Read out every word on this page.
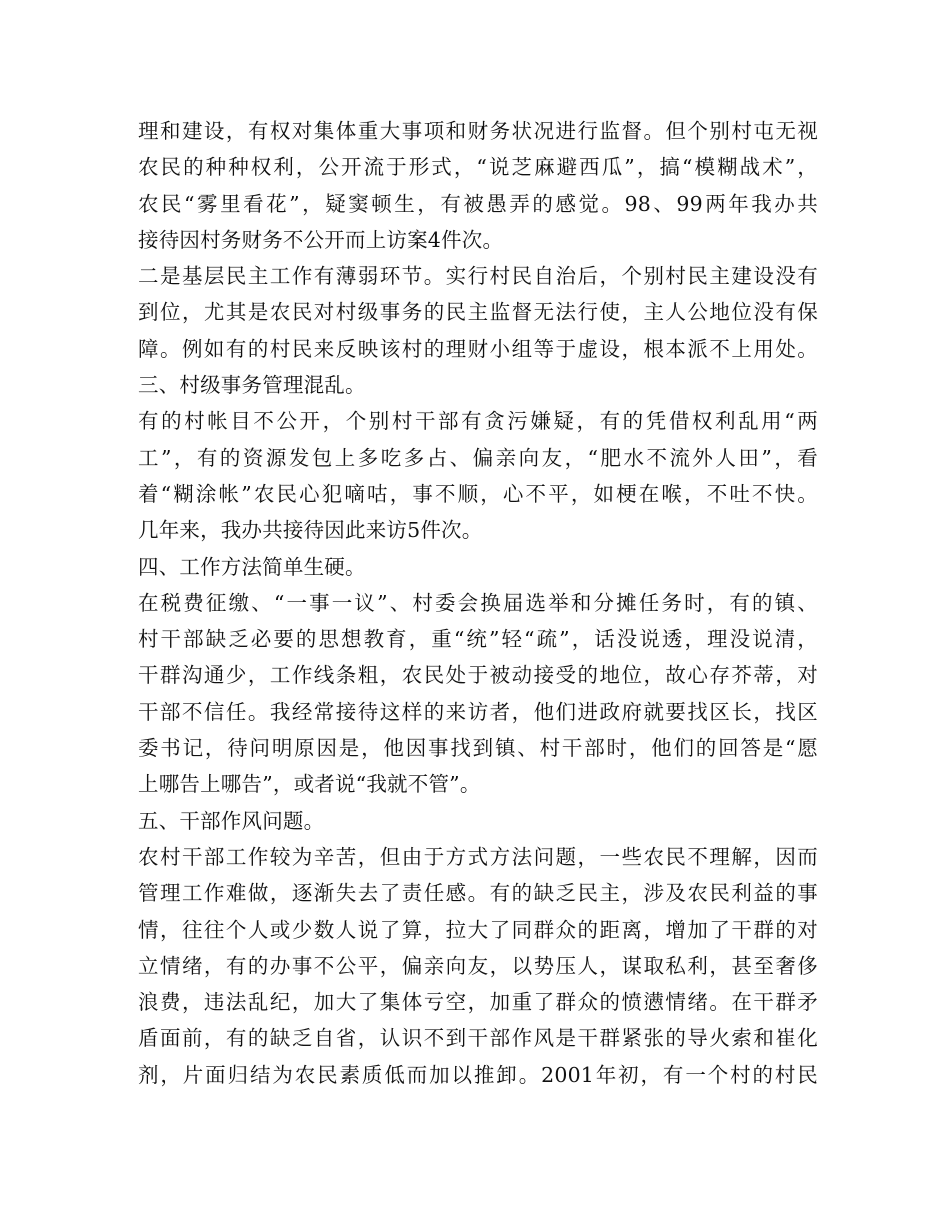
理和建设，有权对集体重大事项和财务状况进行监督。但个别村屯无视
农民的种种权利，公开流于形式，“说芝麻避西瓜”，搞“模糊战术”，
农民“雾里看花”，疑窦顿生，有被愚弄的感觉。98、99两年我办共
接待因村务财务不公开而上访案4件次。
二是基层民主工作有薄弱环节。实行村民自治后，个别村民主建设没有
到位，尤其是农民对村级事务的民主监督无法行使，主人公地位没有保
障。例如有的村民来反映该村的理财小组等于虚设，根本派不上用处。
三、村级事务管理混乱。
有的村帐目不公开，个别村干部有贪污嫌疑，有的凭借权利乱用“两
工”，有的资源发包上多吃多占、偏亲向友，“肥水不流外人田”，看
着“糊涂帐”农民心犯嘀咕，事不顺，心不平，如梗在喉，不吐不快。
几年来，我办共接待因此来访5件次。
四、工作方法简单生硬。
在税费征缴、“一事一议”、村委会换届选举和分摊任务时，有的镇、
村干部缺乏必要的思想教育，重“统”轻“疏”，话没说透，理没说清，
干群沟通少，工作线条粗，农民处于被动接受的地位，故心存芥蒂，对
干部不信任。我经常接待这样的来访者，他们进政府就要找区长，找区
委书记，待问明原因是，他因事找到镇、村干部时，他们的回答是“愿
上哪告上哪告”，或者说“我就不管”。
五、干部作风问题。
农村干部工作较为辛苦，但由于方式方法问题，一些农民不理解，因而
管理工作难做，逐渐失去了责任感。有的缺乏民主，涉及农民利益的事
情，往往个人或少数人说了算，拉大了同群众的距离，增加了干群的对
立情绪，有的办事不公平，偏亲向友，以势压人，谋取私利，甚至奢侈
浪费，违法乱纪，加大了集体亏空，加重了群众的愤懑情绪。在干群矛
盾面前，有的缺乏自省，认识不到干部作风是干群紧张的导火索和崔化
剂，片面归结为农民素质低而加以推卸。2001年初，有一个村的村民
